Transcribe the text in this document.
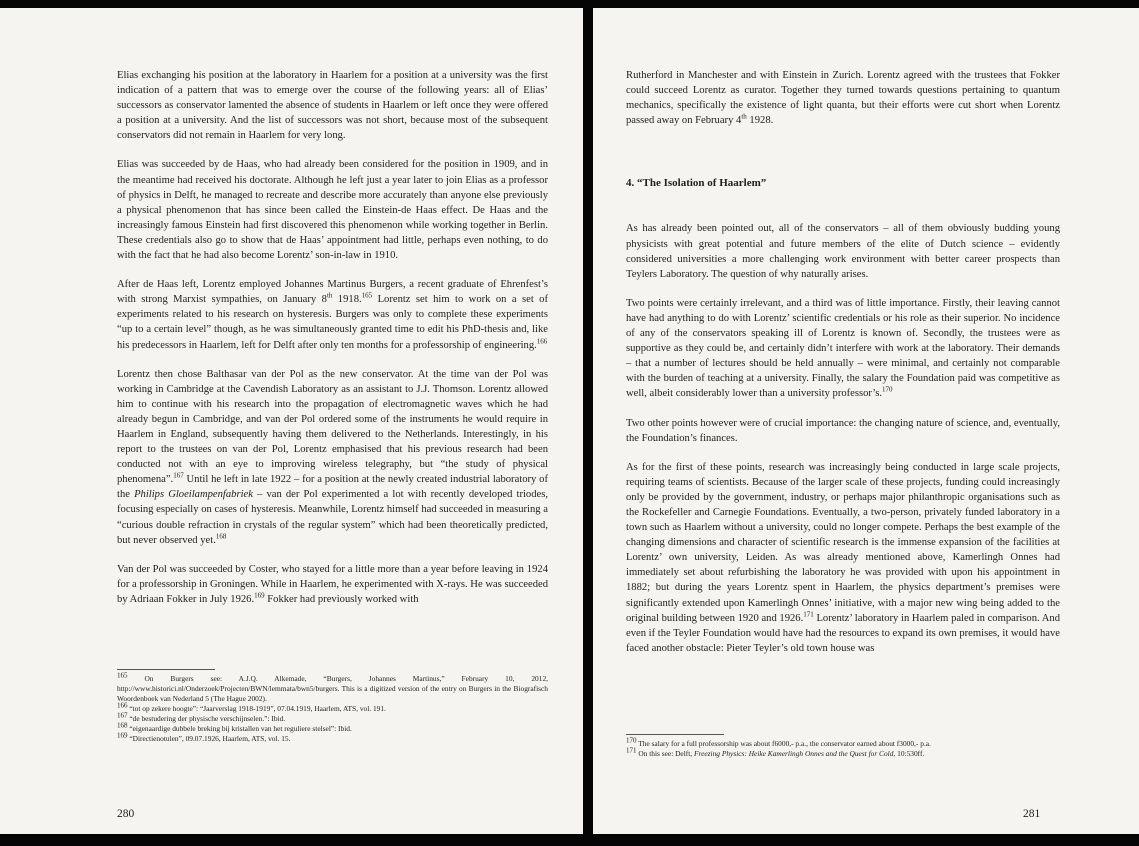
Elias exchanging his position at the laboratory in Haarlem for a position at a university was the first indication of a pattern that was to emerge over the course of the following years: all of Elias’ successors as conservator lamented the absence of students in Haarlem or left once they were offered a position at a university. And the list of successors was not short, because most of the subsequent conservators did not remain in Haarlem for very long.

Elias was succeeded by de Haas, who had already been considered for the position in 1909, and in the meantime had received his doctorate. Although he left just a year later to join Elias as a professor of physics in Delft, he managed to recreate and describe more accurately than anyone else previously a physical phenomenon that has since been called the Einstein-de Haas effect. De Haas and the increasingly famous Einstein had first discovered this phenomenon while working together in Berlin. These credentials also go to show that de Haas’ appointment had little, perhaps even nothing, to do with the fact that he had also become Lorentz’ son-in-law in 1910.

After de Haas left, Lorentz employed Johannes Martinus Burgers, a recent graduate of Ehrenfest’s with strong Marxist sympathies, on January 8th 1918.$^{165}$ Lorentz set him to work on a set of experiments related to his research on hysteresis. Burgers was only to complete these experiments “up to a certain level” though, as he was simultaneously granted time to edit his PhD-thesis and, like his predecessors in Haarlem, left for Delft after only ten months for a professorship of engineering.$^{166}$

Lorentz then chose Balthasar van der Pol as the new conservator. At the time van der Pol was working in Cambridge at the Cavendish Laboratory as an assistant to J.J. Thomson. Lorentz allowed him to continue with his research into the propagation of electromagnetic waves which he had already begun in Cambridge, and van der Pol ordered some of the instruments he would require in Haarlem in England, subsequently having them delivered to the Netherlands. Interestingly, in his report to the trustees on van der Pol, Lorentz emphasised that his previous research had been conducted not with an eye to improving wireless telegraphy, but “the study of physical phenomena”.$^{167}$ Until he left in late 1922 – for a position at the newly created industrial laboratory of the Philips Gloeilampenfabriek – van der Pol experimented a lot with recently developed triodes, focusing especially on cases of hysteresis. Meanwhile, Lorentz himself had succeeded in measuring a “curious double refraction in crystals of the regular system” which had been theoretically predicted, but never observed yet.$^{168}$

Van der Pol was succeeded by Coster, who stayed for a little more than a year before leaving in 1924 for a professorship in Groningen. While in Haarlem, he experimented with X-rays. He was succeeded by Adriaan Fokker in July 1926.$^{169}$ Fokker had previously worked with

$^{165}$ On Burgers see: A.J.Q. Alkemade, “Burgers, Johannes Martinus,” February 10, 2012, http://www.historici.nl/Onderzoek/Projecten/BWN/lemmata/bwn5/burgers. This is a digitized version of the entry on Burgers in the Biografisch Woordenboek van Nederland 5 (The Hague 2002).
$^{166}$ “tot op zekere hoogte”: “Jaarverslag 1918-1919”, 07.04.1919, Haarlem, ATS, vol. 191.
$^{167}$ “de bestudering der physische verschijnselen.”: Ibid.
$^{168}$ “eigenaardige dubbele breking bij kristallen van het reguliere stelsel”: Ibid.
$^{169}$ “Directienotulen”, 09.07.1926, Haarlem, ATS, vol. 15.
280

Rutherford in Manchester and with Einstein in Zurich. Lorentz agreed with the trustees that Fokker could succeed Lorentz as curator. Together they turned towards questions pertaining to quantum mechanics, specifically the existence of light quanta, but their efforts were cut short when Lorentz passed away on February 4th 1928.

4. “The Isolation of Haarlem”

As has already been pointed out, all of the conservators – all of them obviously budding young physicists with great potential and future members of the elite of Dutch science – evidently considered universities a more challenging work environment with better career prospects than Teylers Laboratory. The question of why naturally arises.

Two points were certainly irrelevant, and a third was of little importance. Firstly, their leaving cannot have had anything to do with Lorentz’ scientific credentials or his role as their superior. No incidence of any of the conservators speaking ill of Lorentz is known of. Secondly, the trustees were as supportive as they could be, and certainly didn’t interfere with work at the laboratory. Their demands – that a number of lectures should be held annually – were minimal, and certainly not comparable with the burden of teaching at a university. Finally, the salary the Foundation paid was competitive as well, albeit considerably lower than a university professor’s.$^{170}$

Two other points however were of crucial importance: the changing nature of science, and, eventually, the Foundation’s finances.

As for the first of these points, research was increasingly being conducted in large scale projects, requiring teams of scientists. Because of the larger scale of these projects, funding could increasingly only be provided by the government, industry, or perhaps major philanthropic organisations such as the Rockefeller and Carnegie Foundations. Eventually, a two-person, privately funded laboratory in a town such as Haarlem without a university, could no longer compete. Perhaps the best example of the changing dimensions and character of scientific research is the immense expansion of the facilities at Lorentz’ own university, Leiden. As was already mentioned above, Kamerlingh Onnes had immediately set about refurbishing the laboratory he was provided with upon his appointment in 1882; but during the years Lorentz spent in Haarlem, the physics department’s premises were significantly extended upon Kamerlingh Onnes’ initiative, with a major new wing being added to the original building between 1920 and 1926.$^{171}$ Lorentz’ laboratory in Haarlem paled in comparison. And even if the Teyler Foundation would have had the resources to expand its own premises, it would have faced another obstacle: Pieter Teyler’s old town house was

$^{170}$ The salary for a full professorship was about f6000,- p.a., the conservator earned about f3000,- p.a.
$^{171}$ On this see: Delft, Freezing Physics: Heike Kamerlingh Onnes and the Quest for Cold, 10:530ff.
281
